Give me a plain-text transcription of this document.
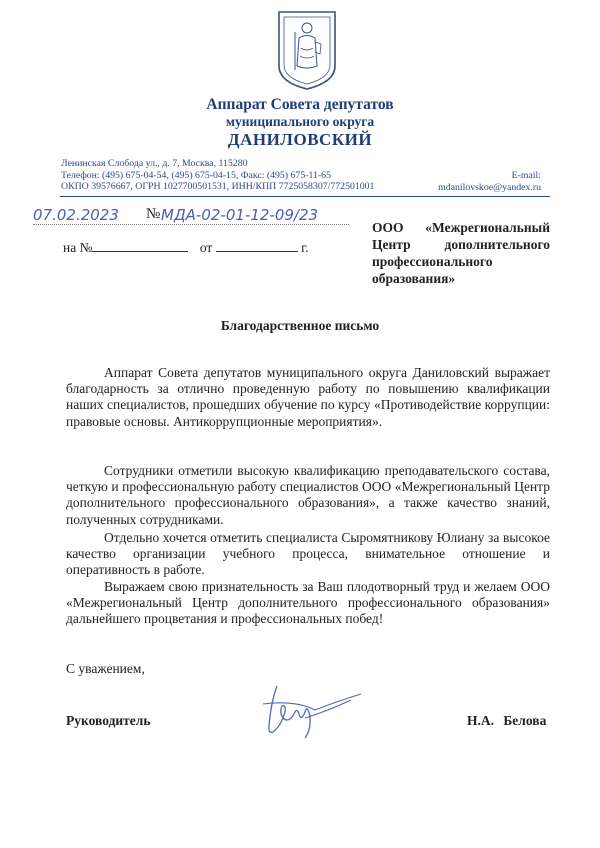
Аппарат Совета депутатов
муниципального округа
ДАНИЛОВСКИЙ
Ленинская Слобода ул., д. 7, Москва, 115280
Телефон: (495) 675-04-54, (495) 675-04-15, Факс: (495) 675-11-65
ОКПО 39576667, ОГРН 1027700501531, ИНН/КПП 7725058307/772501001
E-mail:
mdanilovskoe@yandex.ru
07.02.2023 № МДА-02-01-12-09/23
на №	от	г.
ООО «Межрегиональный
Центр дополнительного
профессионального
образования»
Благодарственное письмо

Аппарат Совета депутатов муниципального округа Даниловский выражает благодарность за отлично проведенную работу по повышению квалификации наших специалистов, прошедших обучение по курсу «Противодействие коррупции: правовые основы. Антикоррупционные мероприятия».

Сотрудники отметили высокую квалификацию преподавательского состава, четкую и профессиональную работу специалистов ООО «Межрегиональный Центр дополнительного профессионального образования», а также качество знаний, полученных сотрудниками.

Отдельно хочется отметить специалиста Сыромятникову Юлиану за высокое качество организации учебного процесса, внимательное отношение и оперативность в работе.

Выражаем свою признательность за Ваш плодотворный труд и желаем ООО «Межрегиональный Центр дополнительного профессионального образования» дальнейшего процветания и профессиональных побед!

С уважением,
Руководитель	Н.А. Белова
